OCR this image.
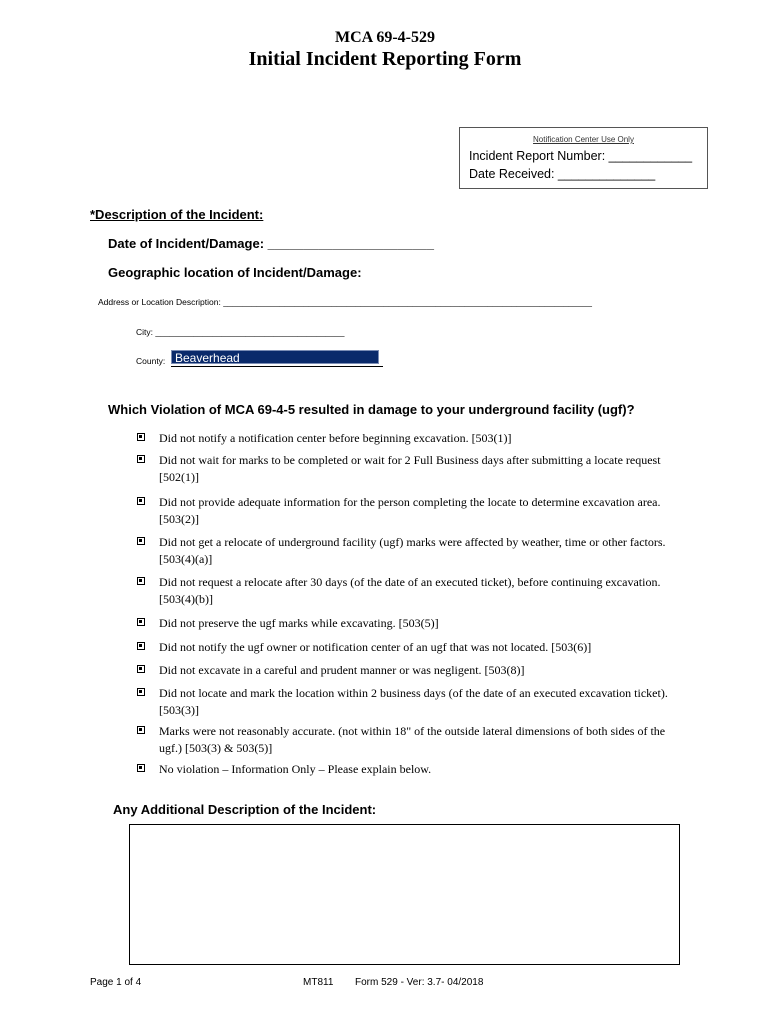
MCA 69-4-529
Initial Incident Reporting Form
Notification Center Use Only
Incident Report Number: ____________
Date Received: ______________
*Description of the Incident:
Date of Incident/Damage: _______________________
Geographic location of Incident/Damage:
Address or Location Description: ______________________________________________________________________________
City: ________________________________________
County: Beaverhead
Which Violation of MCA 69-4-5 resulted in damage to your underground facility (ugf)?
Did not notify a notification center before beginning excavation. [503(1)]
Did not wait for marks to be completed or wait for 2 Full Business days after submitting a locate request [502(1)]
Did not provide adequate information for the person completing the locate to determine excavation area. [503(2)]
Did not get a relocate of underground facility (ugf) marks were affected by weather, time or other factors. [503(4)(a)]
Did not request a relocate after 30 days (of the date of an executed ticket), before continuing excavation. [503(4)(b)]
Did not preserve the ugf marks while excavating. [503(5)]
Did not notify the ugf owner or notification center of an ugf that was not located. [503(6)]
Did not excavate in a careful and prudent manner or was negligent. [503(8)]
Did not locate and mark the location within 2 business days (of the date of an executed excavation ticket). [503(3)]
Marks were not reasonably accurate. (not within 18" of the outside lateral dimensions of both sides of the ugf.) [503(3) & 503(5)]
No violation – Information Only – Please explain below.
Any Additional Description of the Incident:
Page 1 of 4	MT811 Form 529 - Ver: 3.7- 04/2018
